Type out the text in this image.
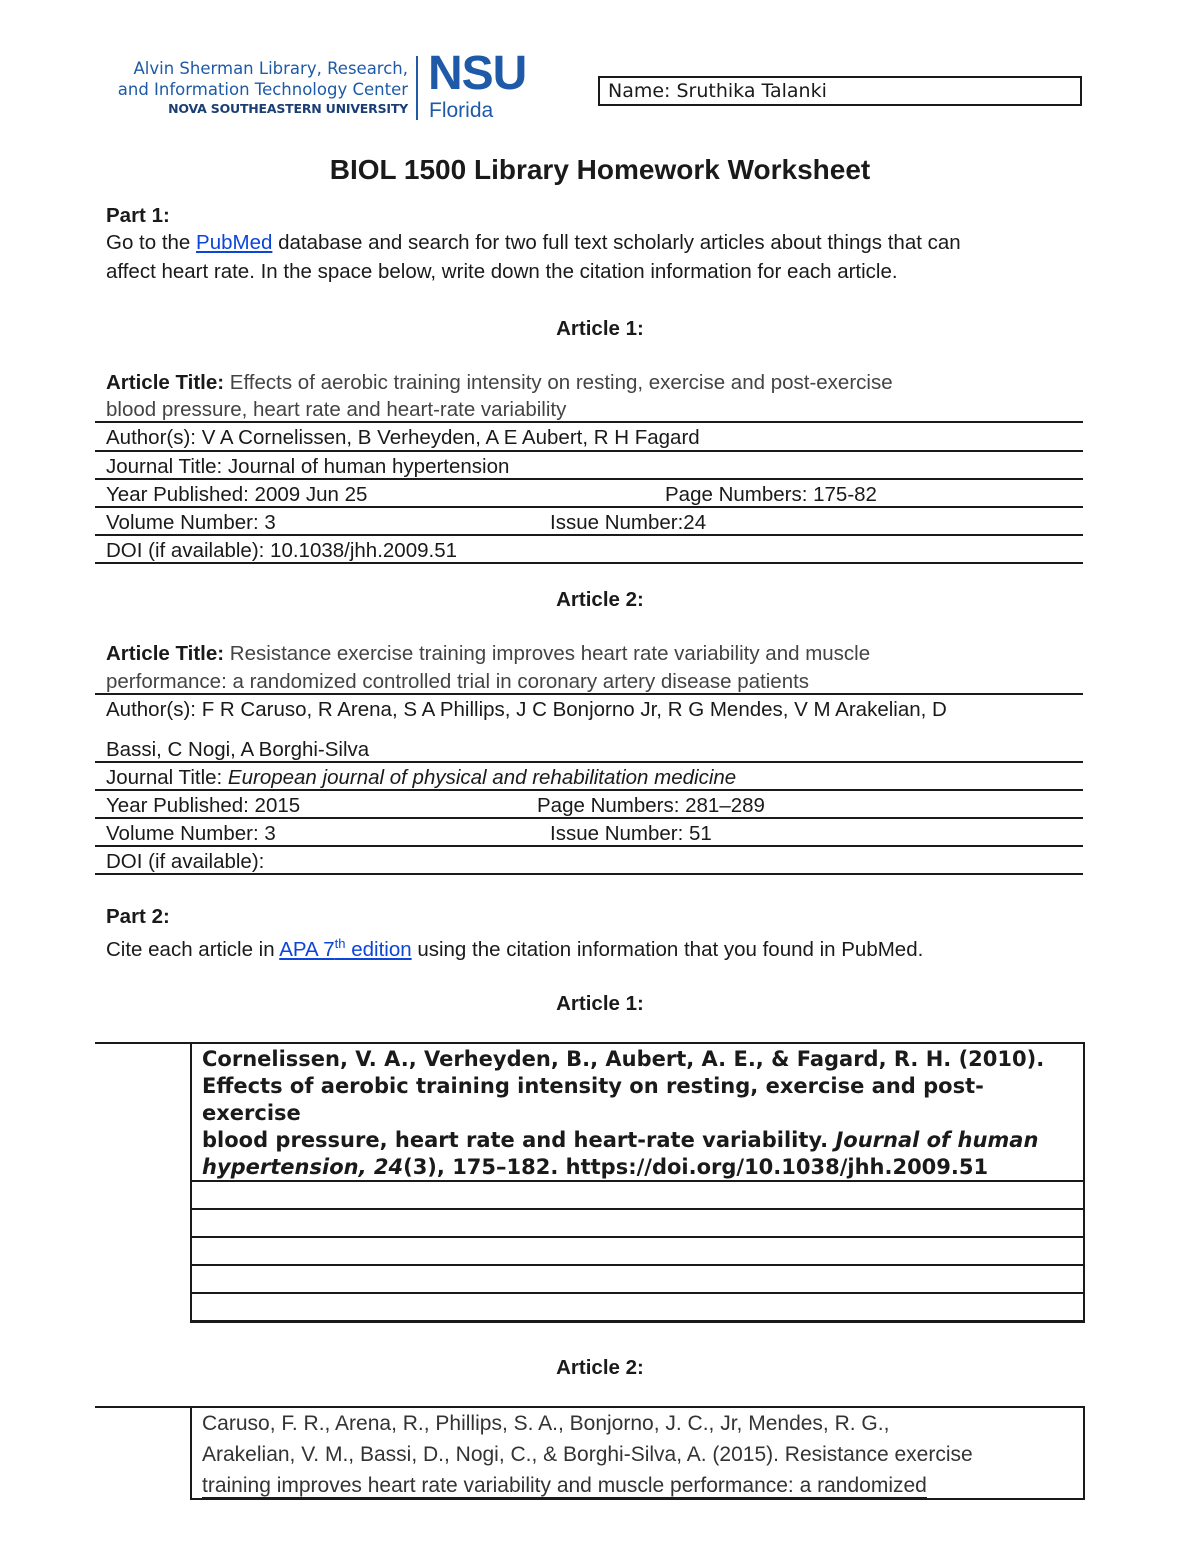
Alvin Sherman Library, Research,
and Information Technology Center
NOVA SOUTHEASTERN UNIVERSITY
NSU
Florida
Name: Sruthika Talanki
BIOL 1500 Library Homework Worksheet
Part 1:
Go to the PubMed database and search for two full text scholarly articles about things that can
affect heart rate. In the space below, write down the citation information for each article.
Article 1:
Article Title: Effects of aerobic training intensity on resting, exercise and post-exercise
blood pressure, heart rate and heart-rate variability
Author(s): V A Cornelissen, B Verheyden, A E Aubert, R H Fagard
Journal Title: Journal of human hypertension
Year Published: 2009 Jun 25	Page Numbers: 175-82
Volume Number: 3	Issue Number:24
DOI (if available): 10.1038/jhh.2009.51
Article 2:
Article Title: Resistance exercise training improves heart rate variability and muscle
performance: a randomized controlled trial in coronary artery disease patients
Author(s): F R Caruso, R Arena, S A Phillips, J C Bonjorno Jr, R G Mendes, V M Arakelian, D
Bassi, C Nogi, A Borghi-Silva
Journal Title: European journal of physical and rehabilitation medicine
Year Published: 2015	Page Numbers: 281–289
Volume Number: 3	Issue Number: 51
DOI (if available):
Part 2:
Cite each article in APA 7th edition using the citation information that you found in PubMed.
Article 1:
Cornelissen, V. A., Verheyden, B., Aubert, A. E., & Fagard, R. H. (2010).
Effects of aerobic training intensity on resting, exercise and post-exercise
blood pressure, heart rate and heart-rate variability. Journal of human
hypertension, 24(3), 175–182. https://doi.org/10.1038/jhh.2009.51
Article 2:
Caruso, F. R., Arena, R., Phillips, S. A., Bonjorno, J. C., Jr, Mendes, R. G.,
Arakelian, V. M., Bassi, D., Nogi, C., & Borghi-Silva, A. (2015). Resistance exercise
training improves heart rate variability and muscle performance: a randomized
